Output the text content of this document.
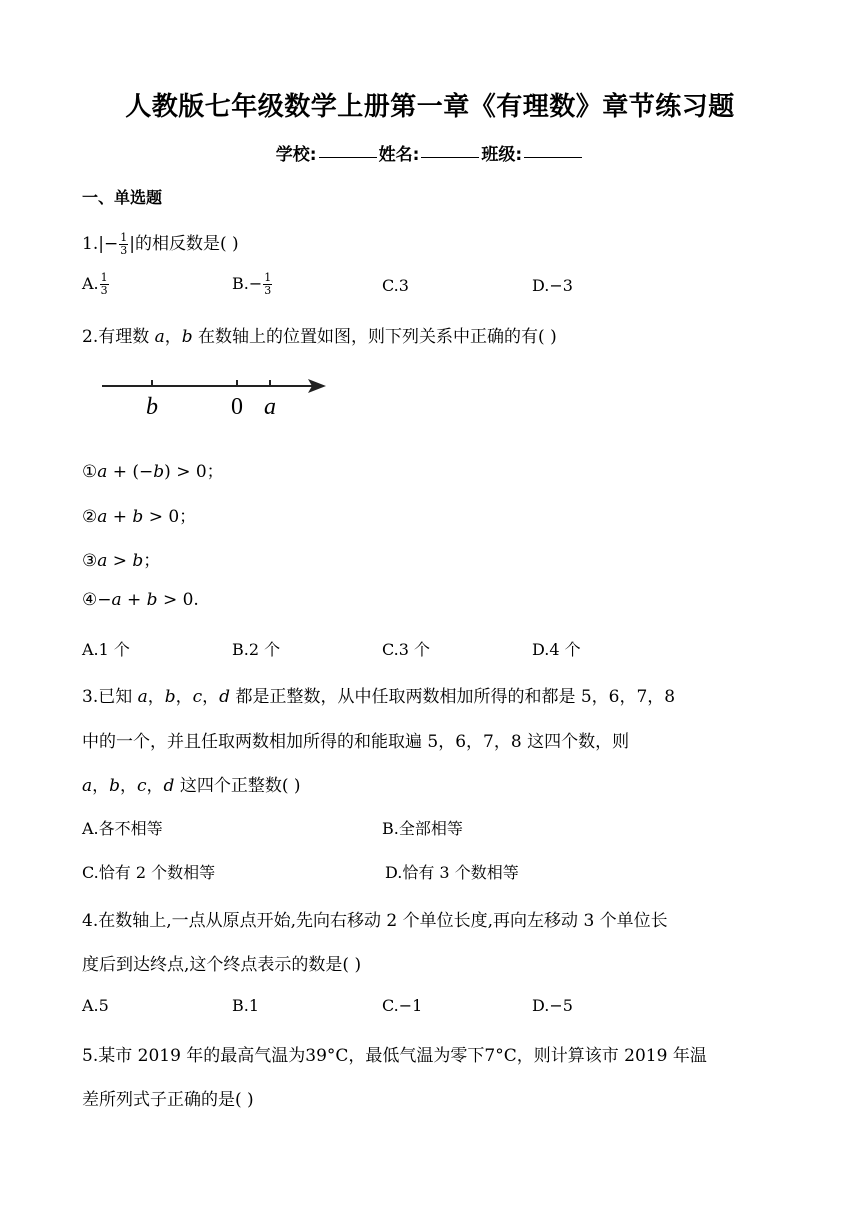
人教版七年级数学上册第一章《有理数》章节练习题
学校:	姓名:	班级:
一、单选题
$1.|- \frac{1}{3}$ |的相反数是( )
A. $\frac{1}{3}$	$B.- \frac{1}{3}$	C.3	D.−3
2.有理数 𝑎，𝑏 在数轴上的位置如图，则下列关系中正确的有( )
b	0 a
①𝑎 + (−𝑏) > 0；
②𝑎 + 𝑏 > 0；
③𝑎 > 𝑏；
④−𝑎 + 𝑏 > 0.
A.1 个	B.2 个	C.3 个	D.4 个
3.已知 𝑎，𝑏，𝑐，𝑑 都是正整数，从中任取两数相加所得的和都是 5，6，7，8
中的一个，并且任取两数相加所得的和能取遍 5，6，7，8 这四个数，则
𝑎，𝑏，𝑐，𝑑 这四个正整数( )
A.各不相等	B.全部相等
C.恰有 2 个数相等	D.恰有 3 个数相等
4.在数轴上,一点从原点开始,先向右移动 2 个单位长度,再向左移动 3 个单位长
度后到达终点,这个终点表示的数是( )
A.5	B.1	C.−1	D.−5
5.某市 2019 年的最高气温为39°C，最低气温为零下7°C，则计算该市 2019 年温
差所列式子正确的是( )
